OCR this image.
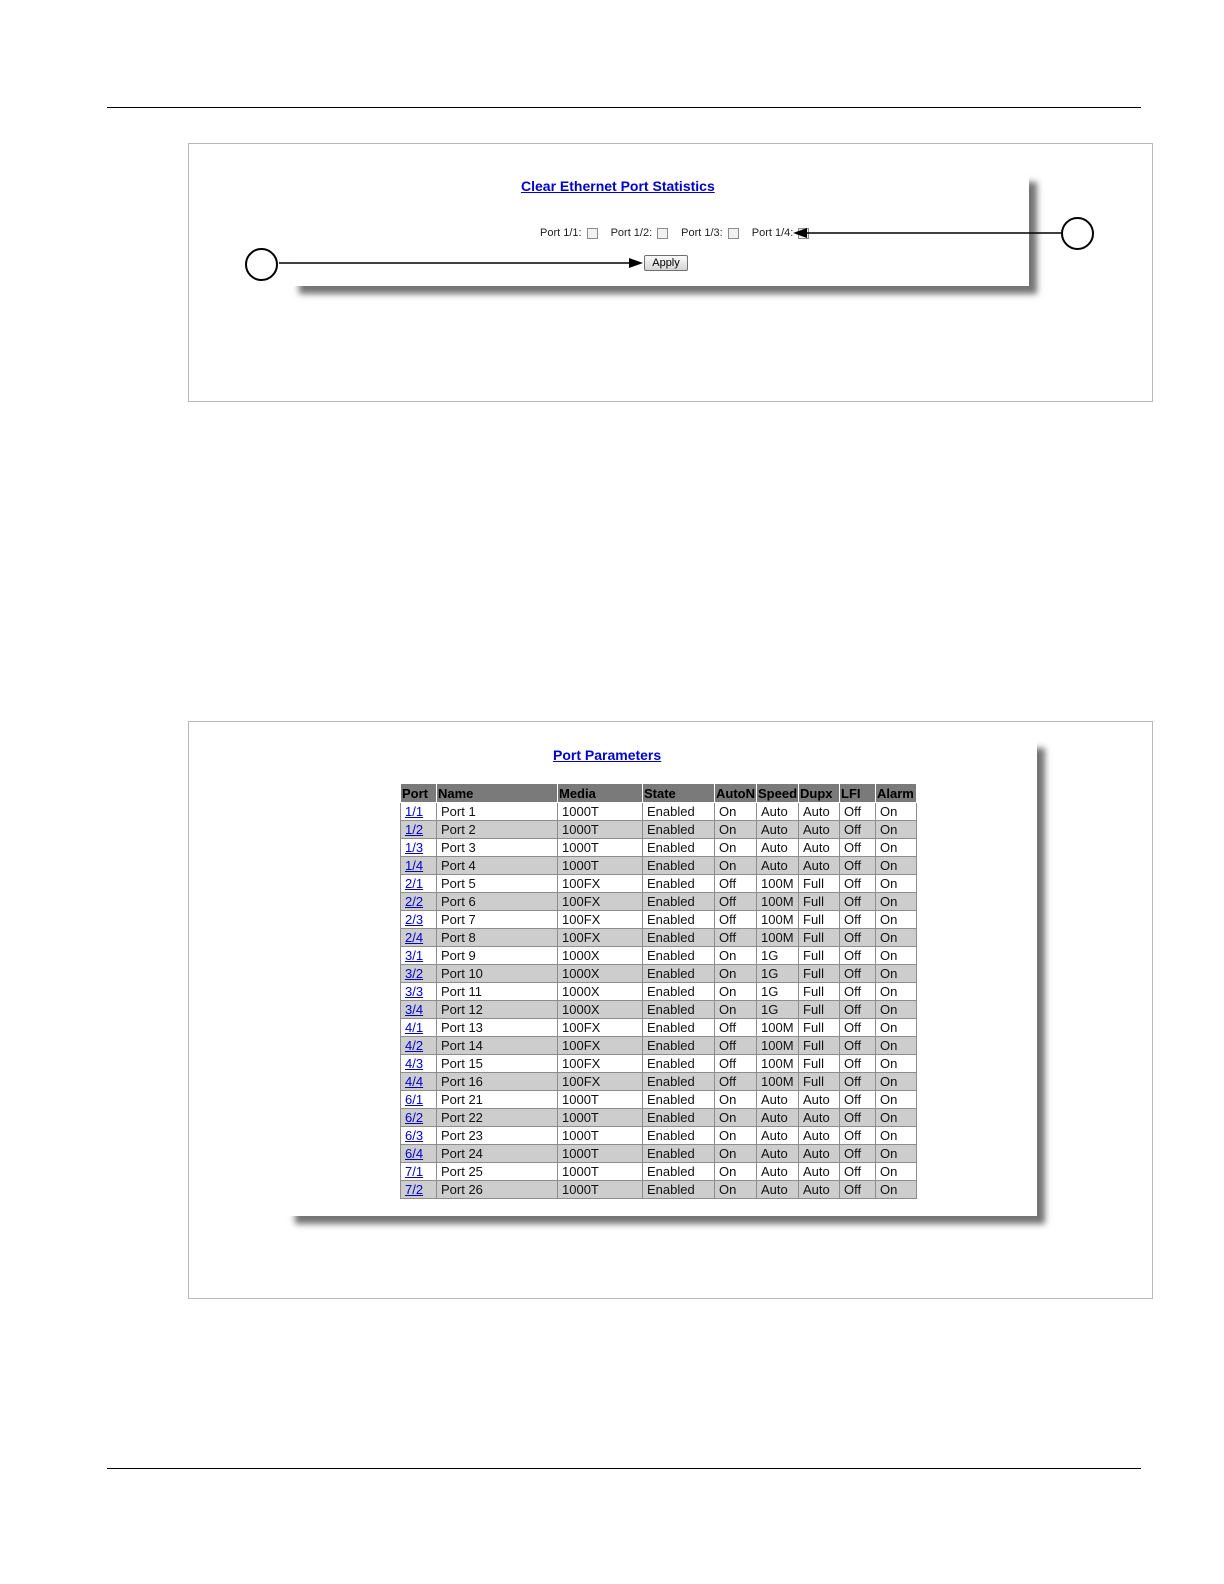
Clear Ethernet Port Statistics
Port 1/1:	Port 1/2:	Port 1/3:	Port 1/4:
Apply
Port Parameters
Port	Name	Media	State	AutoN	Speed	Dupx	LFI	Alarm
1/1	Port 1	1000T	Enabled	On	Auto	Auto	Off	On
1/2	Port 2	1000T	Enabled	On	Auto	Auto	Off	On
1/3	Port 3	1000T	Enabled	On	Auto	Auto	Off	On
1/4	Port 4	1000T	Enabled	On	Auto	Auto	Off	On
2/1	Port 5	100FX	Enabled	Off	100M	Full	Off	On
2/2	Port 6	100FX	Enabled	Off	100M	Full	Off	On
2/3	Port 7	100FX	Enabled	Off	100M	Full	Off	On
2/4	Port 8	100FX	Enabled	Off	100M	Full	Off	On
3/1	Port 9	1000X	Enabled	On	1G	Full	Off	On
3/2	Port 10	1000X	Enabled	On	1G	Full	Off	On
3/3	Port 11	1000X	Enabled	On	1G	Full	Off	On
3/4	Port 12	1000X	Enabled	On	1G	Full	Off	On
4/1	Port 13	100FX	Enabled	Off	100M	Full	Off	On
4/2	Port 14	100FX	Enabled	Off	100M	Full	Off	On
4/3	Port 15	100FX	Enabled	Off	100M	Full	Off	On
4/4	Port 16	100FX	Enabled	Off	100M	Full	Off	On
6/1	Port 21	1000T	Enabled	On	Auto	Auto	Off	On
6/2	Port 22	1000T	Enabled	On	Auto	Auto	Off	On
6/3	Port 23	1000T	Enabled	On	Auto	Auto	Off	On
6/4	Port 24	1000T	Enabled	On	Auto	Auto	Off	On
7/1	Port 25	1000T	Enabled	On	Auto	Auto	Off	On
7/2	Port 26	1000T	Enabled	On	Auto	Auto	Off	On
